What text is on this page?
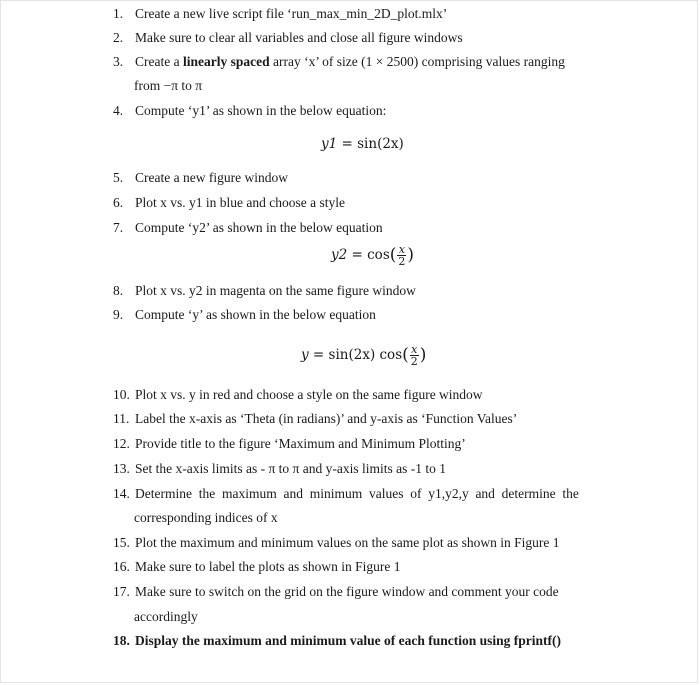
1. Create a new live script file ‘run_max_min_2D_plot.mlx’
2. Make sure to clear all variables and close all figure windows
3. Create a linearly spaced array ‘x’ of size (1 × 2500) comprising values ranging
from −π to π
4. Compute ‘y1’ as shown in the below equation:
y1 = sin(2x)
5. Create a new figure window
6. Plot x vs. y1 in blue and choose a style
7. Compute ‘y2’ as shown in the below equation
$y2 = \cos( \frac{x}{2}$ )
8. Plot x vs. y2 in magenta on the same figure window
9. Compute ‘y’ as shown in the below equation
y = sin(2x) $\cos( \frac{x}{2}$ )
10. Plot x vs. y in red and choose a style on the same figure window
11. Label the x-axis as ‘Theta (in radians)’ and y-axis as ‘Function Values’
12. Provide title to the figure ‘Maximum and Minimum Plotting’
13. Set the x-axis limits as - π to π and y-axis limits as -1 to 1
14. Determine  the  maximum  and  minimum  values  of  y1,y2,y  and  determine  the
corresponding indices of x
15. Plot the maximum and minimum values on the same plot as shown in Figure 1
16. Make sure to label the plots as shown in Figure 1
17. Make sure to switch on the grid on the figure window and comment your code
accordingly
18. Display the maximum and minimum value of each function using fprintf()
